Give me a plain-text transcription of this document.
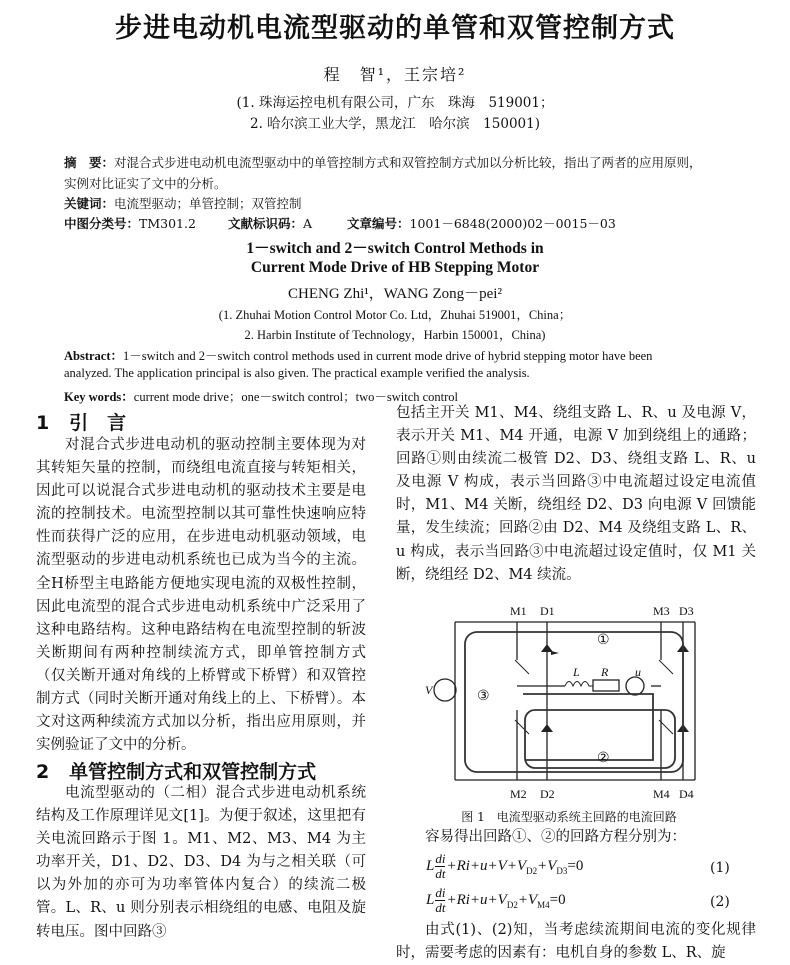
步进电动机电流型驱动的单管和双管控制方式
程　智¹，王宗培²
(1. 珠海运控电机有限公司，广东　珠海　519001；
2. 哈尔滨工业大学，黑龙江　哈尔滨　150001)
摘　要：对混合式步进电动机电流型驱动中的单管控制方式和双管控制方式加以分析比较，指出了两者的应用原则，实例对比证实了文中的分析。
关键词：电流型驱动；单管控制；双管控制
中图分类号：TM301.2	文献标识码：A	文章编号：1001－6848(2000)02－0015－03
1－switch and 2－switch Control Methods in
Current Mode Drive of HB Stepping Motor
CHENG Zhi¹，WANG Zong－pei²
(1. Zhuhai Motion Control Motor Co. Ltd，Zhuhai 519001，China；
2. Harbin Institute of Technology，Harbin 150001，China)
Abstract：1－switch and 2－switch control methods used in current mode drive of hybrid stepping motor have been
analyzed. The application principal is also given. The practical example verified the analysis.
Key words：current mode drive；one－switch control；two－switch control
1 引　言

对混合式步进电动机的驱动控制主要体现为对其转矩矢量的控制，而绕组电流直接与转矩相关，因此可以说混合式步进电动机的驱动技术主要是电流的控制技术。电流型控制以其可靠性快速响应特性而获得广泛的应用，在步进电动机驱动领域，电流型驱动的步进电动机系统也已成为当今的主流。全H桥型主电路能方便地实现电流的双极性控制，因此电流型的混合式步进电动机系统中广泛采用了这种电路结构。这种电路结构在电流型控制的斩波关断期间有两种控制续流方式，即单管控制方式（仅关断开通对角线的上桥臂或下桥臂）和双管控制方式（同时关断开通对角线上的上、下桥臂）。本文对这两种续流方式加以分析，指出应用原则，并实例验证了文中的分析。

2 单管控制方式和双管控制方式

电流型驱动的（二相）混合式步进电动机系统结构及工作原理详见文[1]。为便于叙述，这里把有关电流回路示于图 1。M1、M2、M3、M4 为主功率开关，D1、D2、D3、D4 为与之相关联（可以为外加的亦可为功率管体内复合）的续流二极管。L、R、u 则分别表示相绕组的电感、电阻及旋转电压。图中回路③

包括主开关 M1、M4、绕组支路 L、R、u 及电源 V，表示开关 M1、M4 开通，电源 V 加到绕组上的通路；回路①则由续流二极管 D2、D3、绕组支路 L、R、u 及电源 V 构成，表示当回路③中电流超过设定电流值时，M1、M4 关断，绕组经 D2、D3 向电源 V 回馈能量，发生续流；回路②由 D2、M4 及绕组支路 L、R、u 构成，表示当回路③中电流超过设定值时，仅 M1 关断，绕组经 D2、M4 续流。

M1 D1	M3 D3
M2 D2	M4 D4
①
②
③
L R u
V
图 1　电流型驱动系统主回路的电流回路
容易得出回路①、②的回路方程分别为：
L $\frac{di}{dt} +Ri+u+V+V_{D2}+V_{D3}=0$	(1)
L $\frac{di}{dt} +Ri+u+V_{D2}+V_{M4}=0$	(2)

由式(1)、(2)知，当考虑续流期间电流的变化规律时，需要考虑的因素有：电机自身的参数 L、R、旋
